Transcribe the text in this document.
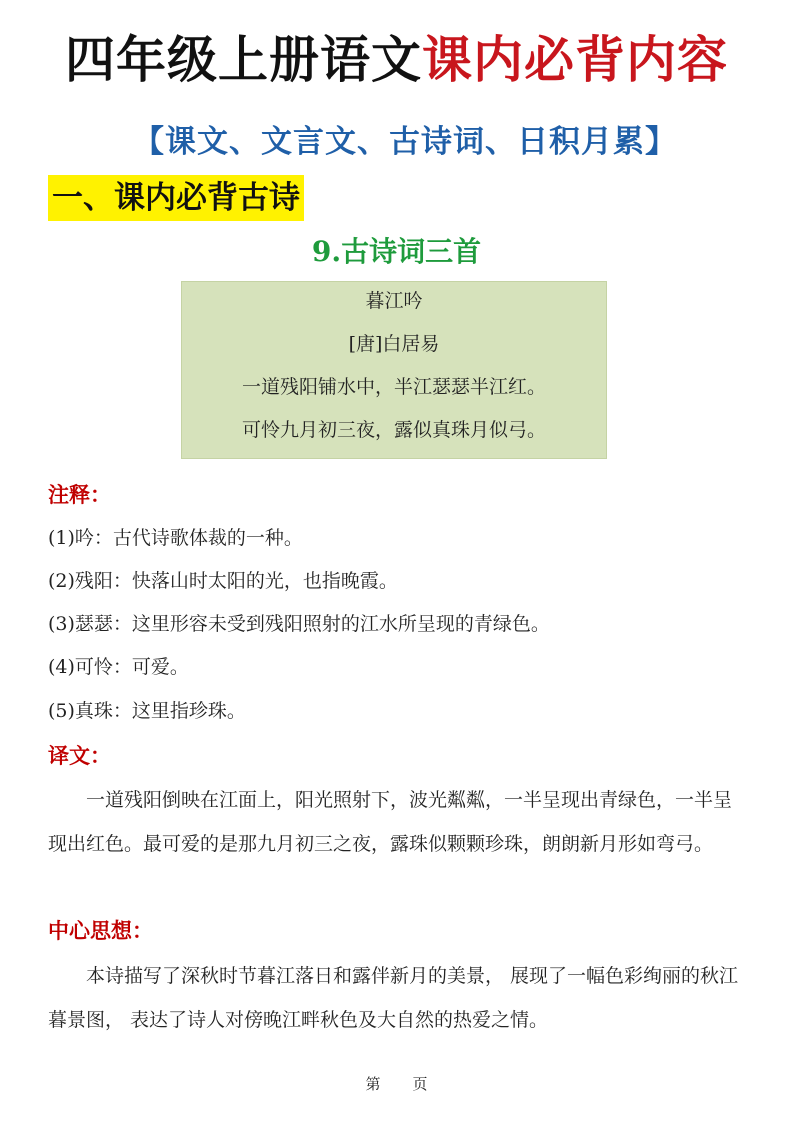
四年级上册语文课内必背内容
【课文、文言文、古诗词、日积月累】
一、课内必背古诗
9.古诗词三首
暮江吟
[唐]白居易
一道残阳铺水中，半江瑟瑟半江红。
可怜九月初三夜，露似真珠月似弓。
注释：
(1)吟：古代诗歌体裁的一种。
(2)残阳：快落山时太阳的光，也指晚霞。
(3)瑟瑟：这里形容未受到残阳照射的江水所呈现的青绿色。
(4)可怜：可爱。
(5)真珠：这里指珍珠。
译文：
一道残阳倒映在江面上，阳光照射下，波光粼粼，一半呈现出青绿色，一半呈现出红色。最可爱的是那九月初三之夜，露珠似颗颗珍珠，朗朗新月形如弯弓。
中心思想：
本诗描写了深秋时节暮江落日和露伴新月的美景， 展现了一幅色彩绚丽的秋江暮景图， 表达了诗人对傍晚江畔秋色及大自然的热爱之情。
第 页
